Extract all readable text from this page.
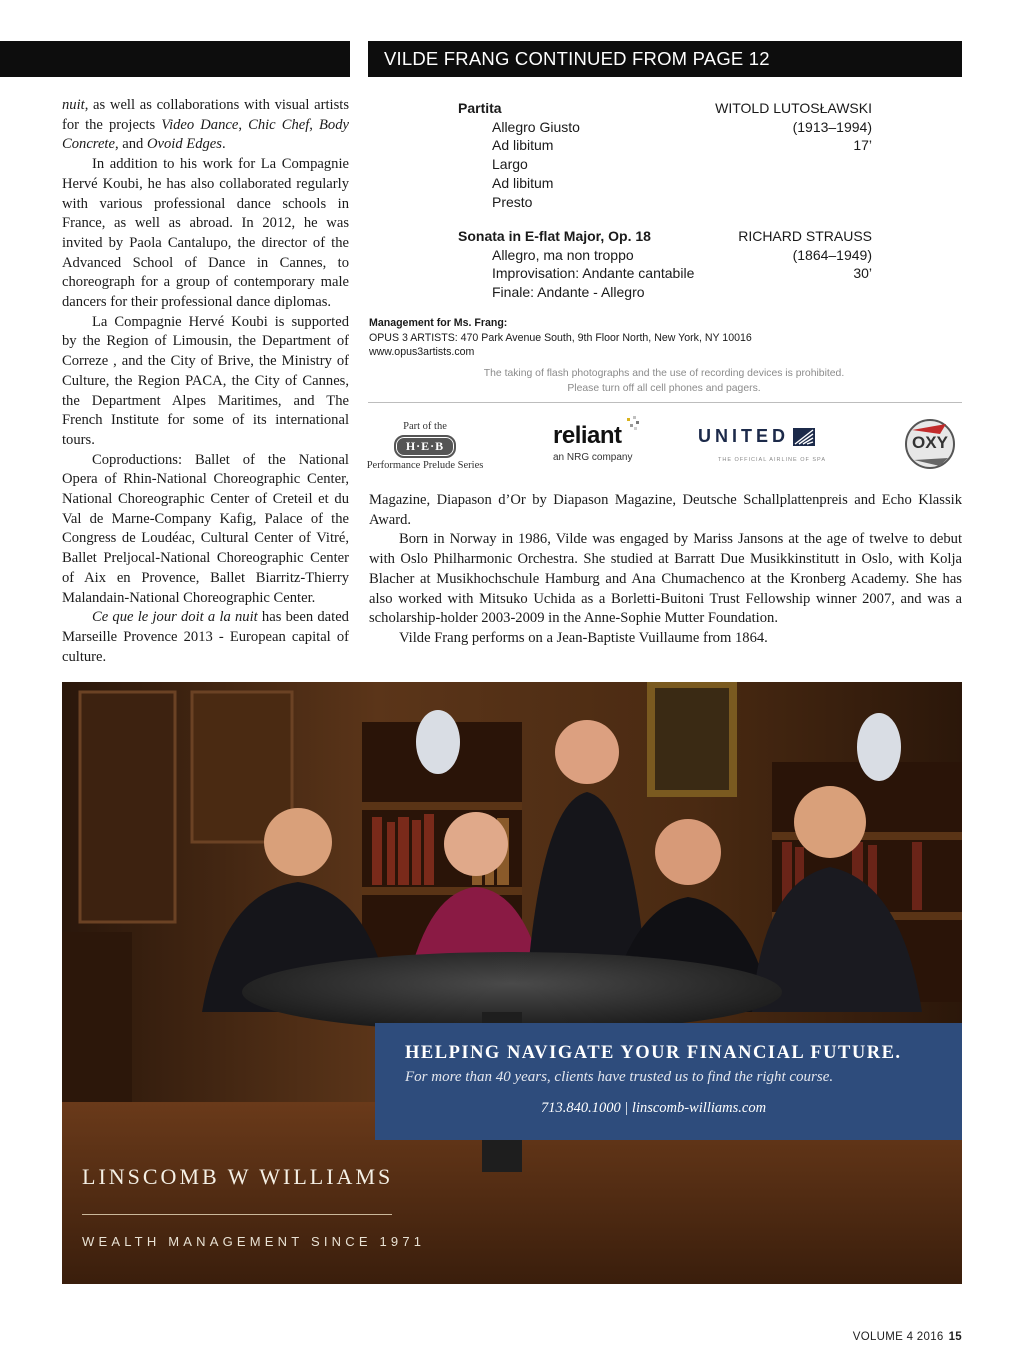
VILDE FRANG CONTINUED FROM PAGE 12

nuit, as well as collaborations with visual artists for the projects Video Dance, Chic Chef, Body Concrete, and Ovoid Edges.

In addition to his work for La Compagnie Hervé Koubi, he has also collaborated regularly with various professional dance schools in France, as well as abroad. In 2012, he was invited by Paola Cantalupo, the director of the Advanced School of Dance in Cannes, to choreograph for a group of contemporary male dancers for their professional dance diplomas.

La Compagnie Hervé Koubi is supported by the Region of Limousin, the Department of Correze , and the City of Brive, the Ministry of Culture, the Region PACA, the City of Cannes, the Department Alpes Maritimes, and The French Institute for some of its international tours.

Coproductions: Ballet of the National Opera of Rhin-National Choreographic Center, National Choreographic Center of Creteil et du Val de Marne-Company Kafig, Palace of the Congress de Loudéac, Cultural Center of Vitré, Ballet Preljocal-National Choreographic Center of Aix en Provence, Ballet Biarritz-Thierry Malandain-National Choreographic Center.

Ce que le jour doit a la nuit has been dated Marseille Provence 2013 - European capital of culture.

Partita
Allegro Giusto
Ad libitum
Largo
Ad libitum
Presto
WITOLD LUTOSŁAWSKI
(1913–1994)
17’
Sonata in E-flat Major, Op. 18
Allegro, ma non troppo
Improvisation: Andante cantabile
Finale: Andante - Allegro
RICHARD STRAUSS
(1864–1949)
30’
Management for Ms. Frang:
OPUS 3 ARTISTS: 470 Park Avenue South, 9th Floor North, New York, NY 10016
www.opus3artists.com
The taking of flash photographs and the use of recording devices is prohibited.
Please turn off all cell phones and pagers.
Part of the
H·E·B
Performance Prelude Series
reliant
an NRG company
UNITED
THE OFFICIAL AIRLINE OF SPA
OXY

Magazine, Diapason d’Or by Diapason Magazine, Deutsche Schallplattenpreis and Echo Klassik Award.

Born in Norway in 1986, Vilde was engaged by Mariss Jansons at the age of twelve to debut with Oslo Philharmonic Orchestra. She studied at Barratt Due Musikkinstitutt in Oslo, with Kolja Blacher at Musikhochschule Hamburg and Ana Chumachenco at the Kronberg Academy. She has also worked with Mitsuko Uchida as a Borletti-Buitoni Trust Fellowship winner 2007, and was a scholarship-holder 2003-2009 in the Anne-Sophie Mutter Foundation.

Vilde Frang performs on a Jean-Baptiste Vuillaume from 1864.

HELPING NAVIGATE YOUR FINANCIAL FUTURE.
For more than 40 years, clients have trusted us to find the right course.
713.840.1000 | linscomb-williams.com
LINSCOMB W WILLIAMS
WEALTH MANAGEMENT SINCE 1971
VOLUME 4 2016 15
